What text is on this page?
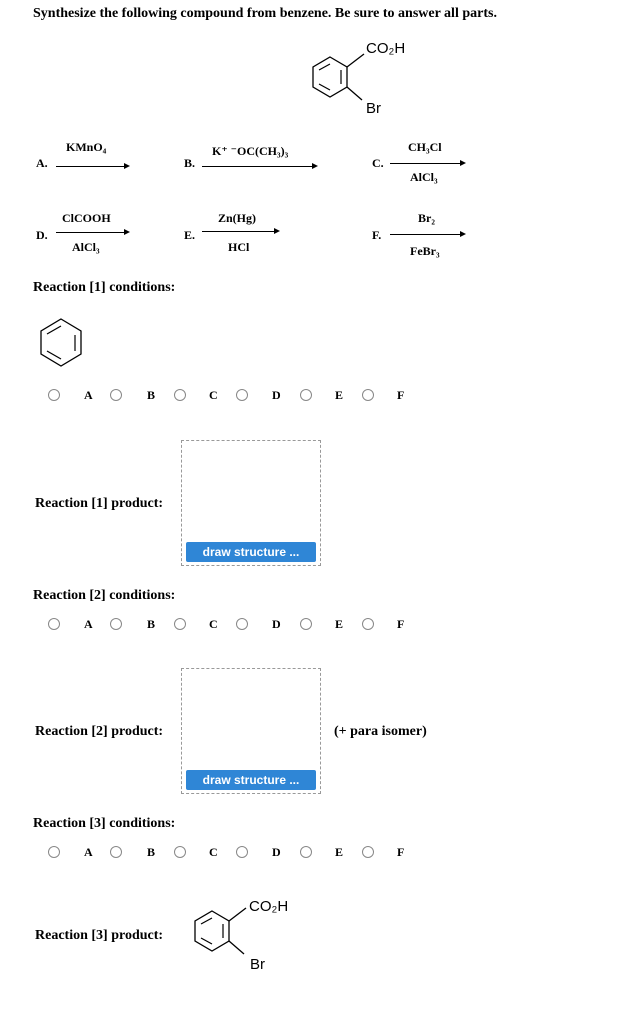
Synthesize the following compound from benzene. Be sure to answer all parts.
CO₂H
Br
A.
KMnO₄
B.
K⁺ ⁻OC(CH₃)₃
C.
CH₃Cl
AlCl₃
D.
ClCOOH
AlCl₃
E.
Zn(Hg)
HCl
F.
Br₂
FeBr₃
Reaction [1] conditions:
A	B	C	D	E	F
Reaction [1] product:
draw structure ...
Reaction [2] conditions:
A	B	C	D	E	F
Reaction [2] product:
draw structure ...
(+ para isomer)
Reaction [3] conditions:
A	B	C	D	E	F
Reaction [3] product:
CO₂H
Br
